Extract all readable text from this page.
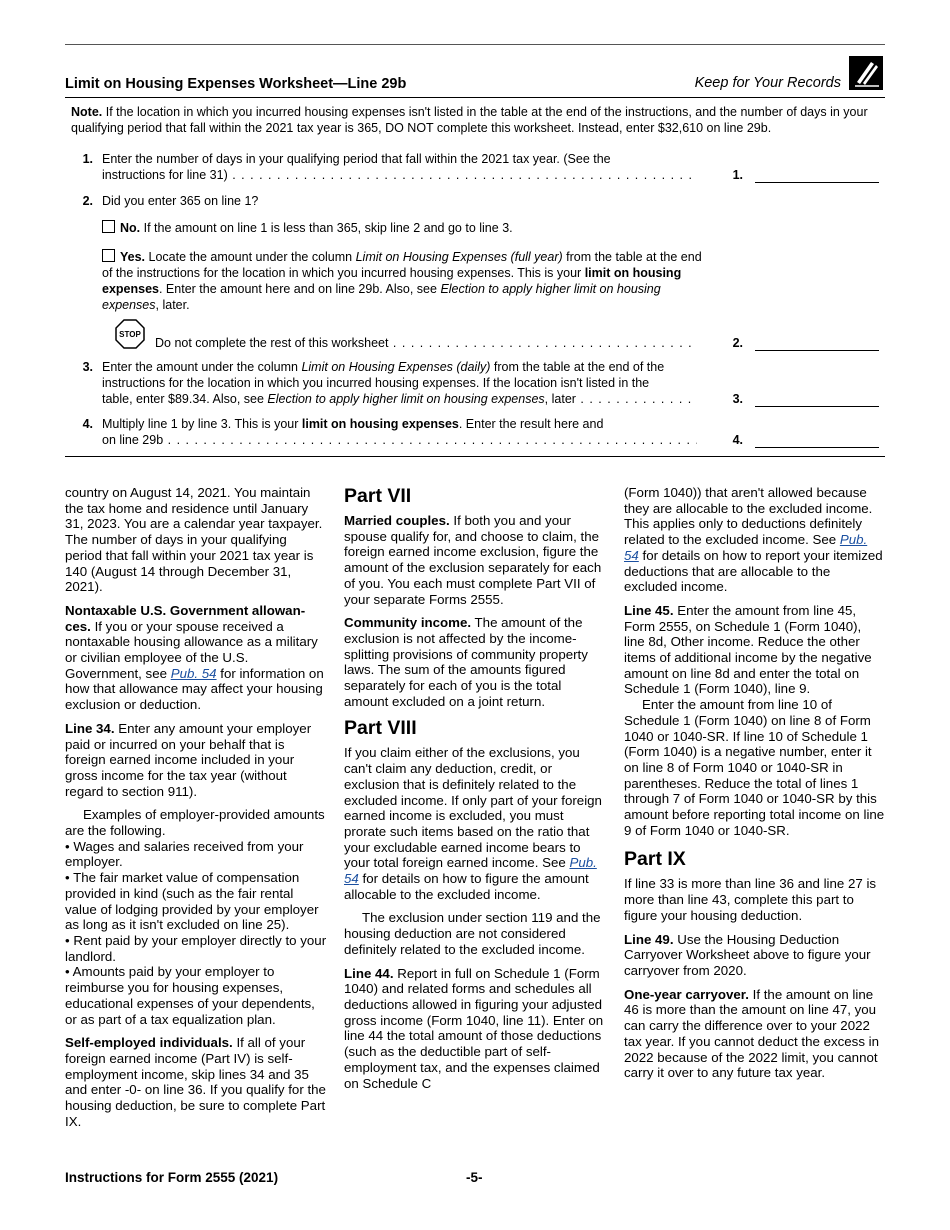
Limit on Housing Expenses Worksheet—Line 29b	Keep for Your Records
Note. If the location in which you incurred housing expenses isn't listed in the table at the end of the instructions, and the number of days in your qualifying period that fall within the 2021 tax year is 365, DO NOT complete this worksheet. Instead, enter $32,610 on line 29b.
1. Enter the number of days in your qualifying period that fall within the 2021 tax year. (See the
instructions for line 31) . . .	1.
2. Did you enter 365 on line 1?
No. If the amount on line 1 is less than 365, skip line 2 and go to line 3.
Yes. Locate the amount under the column Limit on Housing Expenses (full year) from the table at the end of the instructions for the location in which you incurred housing expenses. This is your limit on housing expenses. Enter the amount here and on line 29b. Also, see Election to apply higher limit on housing expenses, later.
STOP
Do not complete the rest of this worksheet . . .	2.
3. Enter the amount under the column Limit on Housing Expenses (daily) from the table at the end of the instructions for the location in which you incurred housing expenses. If the location isn't listed in the
table, enter $89.34. Also, see Election to apply higher limit on housing expenses, later . . .	3.
4. Multiply line 1 by line 3. This is your limit on housing expenses. Enter the result here and
on line 29b . . .	4.

country on August 14, 2021. You maintain the tax home and residence until January 31, 2023. You are a calendar year taxpayer. The number of days in your qualifying period that fall within your 2021 tax year is 140 (August 14 through December 31, 2021).

Nontaxable U.S. Government allowan-ces. If you or your spouse received a nontaxable housing allowance as a military or civilian employee of the U.S. Government, see Pub. 54 for information on how that allowance may affect your housing exclusion or deduction.

Line 34. Enter any amount your employer paid or incurred on your behalf that is foreign earned income included in your gross income for the tax year (without regard to section 911).

Examples of employer-provided amounts are the following.

• Wages and salaries received from your employer.

• The fair market value of compensation provided in kind (such as the fair rental value of lodging provided by your employer as long as it isn't excluded on line 25).

• Rent paid by your employer directly to your landlord.

• Amounts paid by your employer to reimburse you for housing expenses, educational expenses of your dependents, or as part of a tax equalization plan.

Self-employed individuals. If all of your foreign earned income (Part IV) is self-employment income, skip lines 34 and 35 and enter -0- on line 36. If you qualify for the housing deduction, be sure to complete Part IX.

Part VII

Married couples. If both you and your spouse qualify for, and choose to claim, the foreign earned income exclusion, figure the amount of the exclusion separately for each of you. You each must complete Part VII of your separate Forms 2555.

Community income. The amount of the exclusion is not affected by the income-splitting provisions of community property laws. The sum of the amounts figured separately for each of you is the total amount excluded on a joint return.

Part VIII

If you claim either of the exclusions, you can't claim any deduction, credit, or exclusion that is definitely related to the excluded income. If only part of your foreign earned income is excluded, you must prorate such items based on the ratio that your excludable earned income bears to your total foreign earned income. See Pub. 54 for details on how to figure the amount allocable to the excluded income.

The exclusion under section 119 and the housing deduction are not considered definitely related to the excluded income.

Line 44. Report in full on Schedule 1 (Form 1040) and related forms and schedules all deductions allowed in figuring your adjusted gross income (Form 1040, line 11). Enter on line 44 the total amount of those deductions (such as the deductible part of self-employment tax, and the expenses claimed on Schedule C

(Form 1040)) that aren't allowed because they are allocable to the excluded income. This applies only to deductions definitely related to the excluded income. See Pub. 54 for details on how to report your itemized deductions that are allocable to the excluded income.

Line 45. Enter the amount from line 45, Form 2555, on Schedule 1 (Form 1040), line 8d, Other income. Reduce the other items of additional income by the negative amount on line 8d and enter the total on Schedule 1 (Form 1040), line 9.

Enter the amount from line 10 of Schedule 1 (Form 1040) on line 8 of Form 1040 or 1040-SR. If line 10 of Schedule 1 (Form 1040) is a negative number, enter it on line 8 of Form 1040 or 1040-SR in parentheses. Reduce the total of lines 1 through 7 of Form 1040 or 1040-SR by this amount before reporting total income on line 9 of Form 1040 or 1040-SR.

Part IX

If line 33 is more than line 36 and line 27 is more than line 43, complete this part to figure your housing deduction.

Line 49. Use the Housing Deduction Carryover Worksheet above to figure your carryover from 2020.

One-year carryover. If the amount on line 46 is more than the amount on line 47, you can carry the difference over to your 2022 tax year. If you cannot deduct the excess in 2022 because of the 2022 limit, you cannot carry it over to any future tax year.

Instructions for Form 2555 (2021)	-5-
